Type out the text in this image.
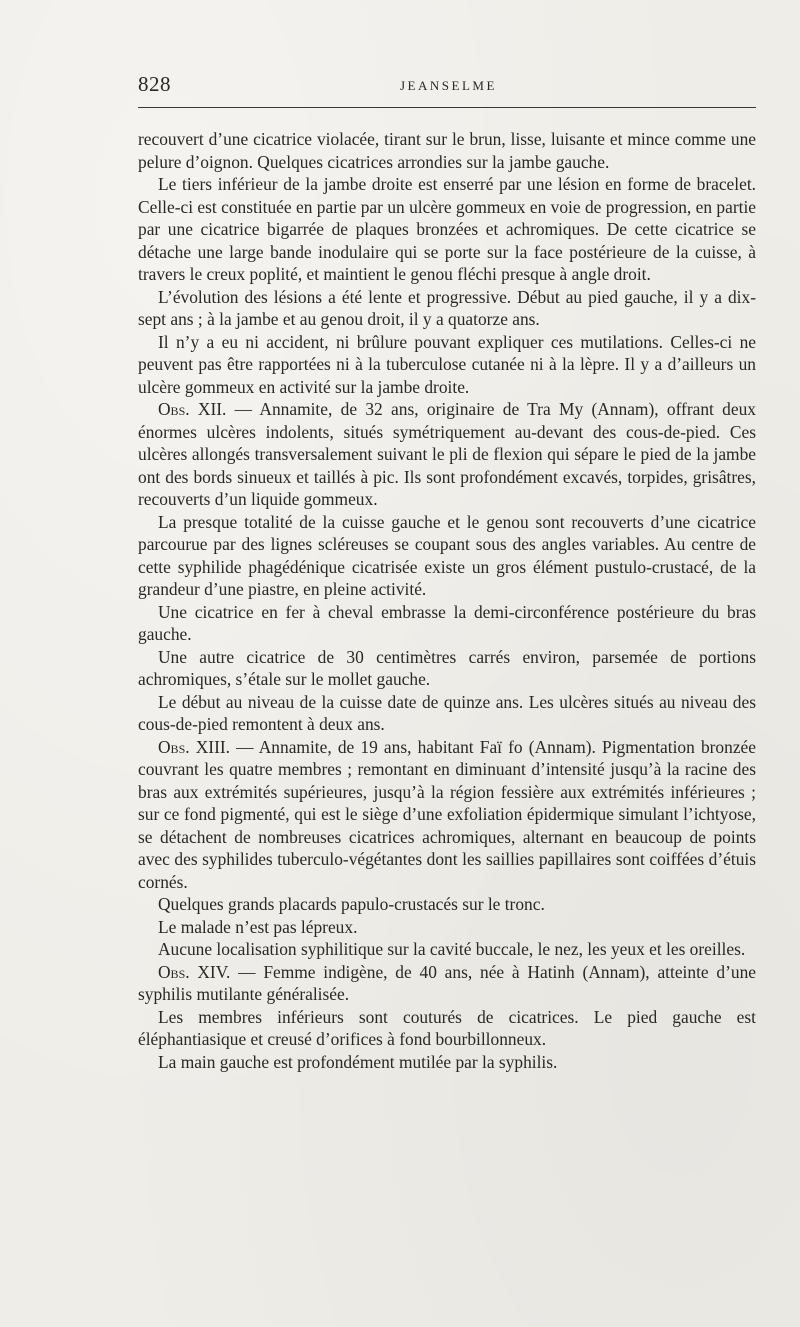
828	JEANSELME

recouvert d’une cicatrice violacée, tirant sur le brun, lisse, luisante et mince comme une pelure d’oignon. Quelques cicatrices arrondies sur la jambe gauche.

Le tiers inférieur de la jambe droite est enserré par une lésion en forme de bracelet. Celle-ci est constituée en partie par un ulcère gommeux en voie de progression, en partie par une cicatrice bigarrée de plaques bronzées et achromiques. De cette cicatrice se détache une large bande inodulaire qui se porte sur la face postérieure de la cuisse, à travers le creux poplité, et maintient le genou fléchi presque à angle droit.

L’évolution des lésions a été lente et progressive. Début au pied gauche, il y a dix-sept ans ; à la jambe et au genou droit, il y a quatorze ans.

Il n’y a eu ni accident, ni brûlure pouvant expliquer ces mutilations. Celles-ci ne peuvent pas être rapportées ni à la tuberculose cutanée ni à la lèpre. Il y a d’ailleurs un ulcère gommeux en activité sur la jambe droite.

Obs. XII. — Annamite, de 32 ans, originaire de Tra My (Annam), offrant deux énormes ulcères indolents, situés symétriquement au-devant des cous-de-pied. Ces ulcères allongés transversalement suivant le pli de flexion qui sépare le pied de la jambe ont des bords sinueux et taillés à pic. Ils sont profondément excavés, torpides, grisâtres, recouverts d’un liquide gommeux.

La presque totalité de la cuisse gauche et le genou sont recouverts d’une cicatrice parcourue par des lignes scléreuses se coupant sous des angles variables. Au centre de cette syphilide phagédénique cicatrisée existe un gros élément pustulo-crustacé, de la grandeur d’une piastre, en pleine activité.

Une cicatrice en fer à cheval embrasse la demi-circonférence postérieure du bras gauche.

Une autre cicatrice de 30 centimètres carrés environ, parsemée de portions achromiques, s’étale sur le mollet gauche.

Le début au niveau de la cuisse date de quinze ans. Les ulcères situés au niveau des cous-de-pied remontent à deux ans.

Obs. XIII. — Annamite, de 19 ans, habitant Faï fo (Annam). Pigmentation bronzée couvrant les quatre membres ; remontant en diminuant d’intensité jusqu’à la racine des bras aux extrémités supérieures, jusqu’à la région fessière aux extrémités inférieures ; sur ce fond pigmenté, qui est le siège d’une exfoliation épidermique simulant l’ichtyose, se détachent de nombreuses cicatrices achromiques, alternant en beaucoup de points avec des syphilides tuberculo-végétantes dont les saillies papillaires sont coiffées d’étuis cornés.

Quelques grands placards papulo-crustacés sur le tronc.

Le malade n’est pas lépreux.

Aucune localisation syphilitique sur la cavité buccale, le nez, les yeux et les oreilles.

Obs. XIV. — Femme indigène, de 40 ans, née à Hatinh (Annam), atteinte d’une syphilis mutilante généralisée.

Les membres inférieurs sont couturés de cicatrices. Le pied gauche est éléphantiasique et creusé d’orifices à fond bourbillonneux.

La main gauche est profondément mutilée par la syphilis.
